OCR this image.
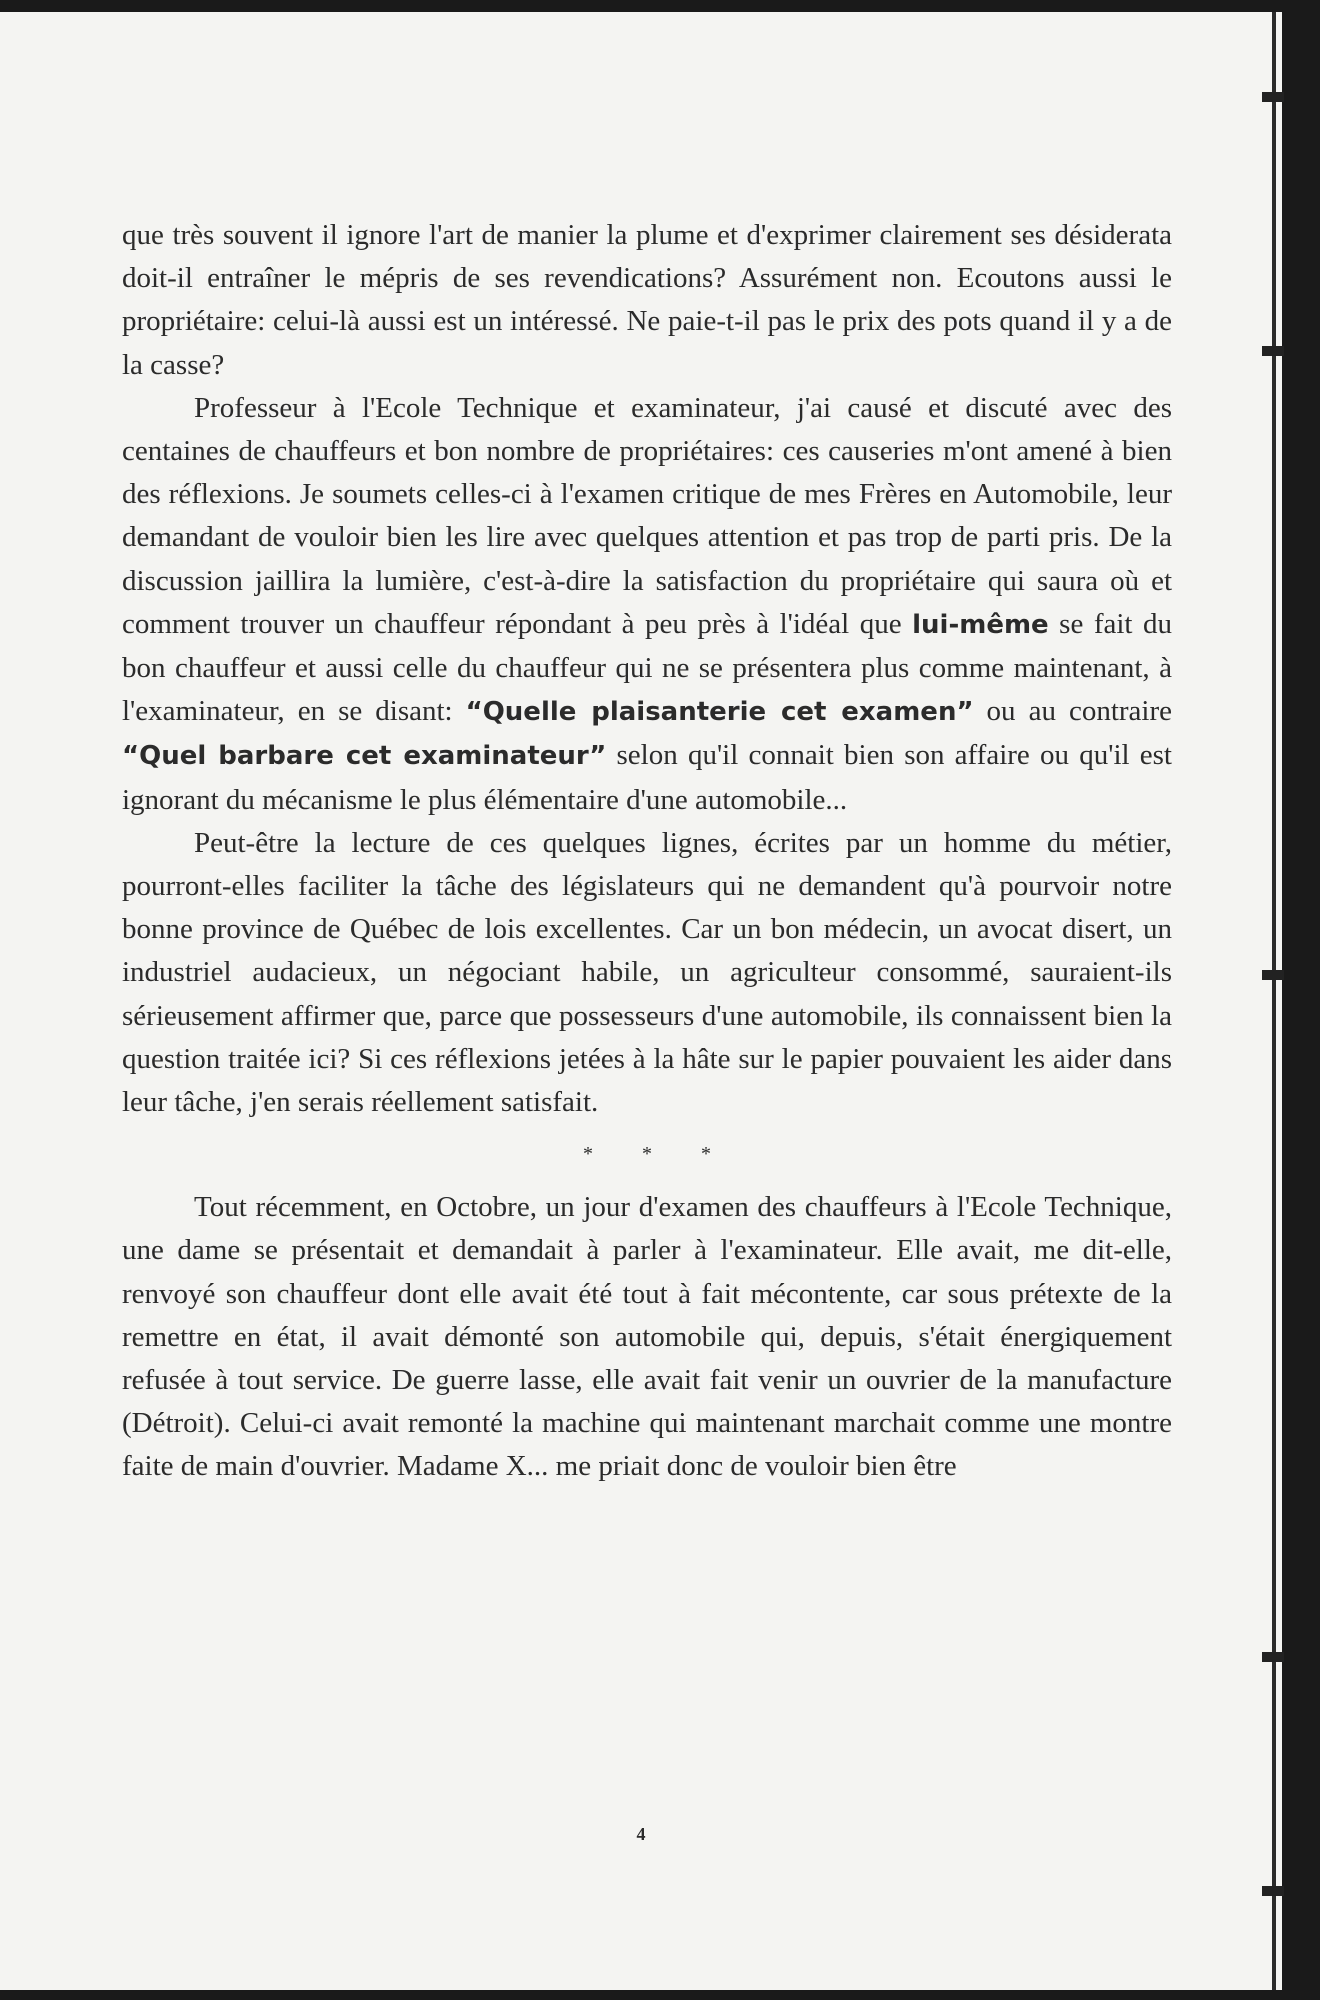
que très souvent il ignore l'art de manier la plume et d'exprimer clairement ses désiderata doit-il entraîner le mépris de ses revendications? Assurément non. Ecoutons aussi le propriétaire: celui-là aussi est un intéressé. Ne paie-t-il pas le prix des pots quand il y a de la casse?

Professeur à l'Ecole Technique et examinateur, j'ai causé et discuté avec des centaines de chauffeurs et bon nombre de propriétaires: ces causeries m'ont amené à bien des réflexions. Je soumets celles-ci à l'examen critique de mes Frères en Automobile, leur demandant de vouloir bien les lire avec quelques attention et pas trop de parti pris. De la discussion jaillira la lumière, c'est-à-dire la satisfaction du propriétaire qui saura où et comment trouver un chauffeur répondant à peu près à l'idéal que lui-même se fait du bon chauffeur et aussi celle du chauffeur qui ne se présentera plus comme maintenant, à l'examinateur, en se disant: “Quelle plaisanterie cet examen” ou au contraire “Quel barbare cet examinateur” selon qu'il connait bien son affaire ou qu'il est ignorant du mécanisme le plus élémentaire d'une automobile...

Peut-être la lecture de ces quelques lignes, écrites par un homme du métier, pourront-elles faciliter la tâche des législateurs qui ne demandent qu'à pourvoir notre bonne province de Québec de lois excellentes. Car un bon médecin, un avocat disert, un industriel audacieux, un négociant habile, un agriculteur consommé, sauraient-ils sérieusement affirmer que, parce que possesseurs d'une automobile, ils connaissent bien la question traitée ici? Si ces réflexions jetées à la hâte sur le papier pouvaient les aider dans leur tâche, j'en serais réellement satisfait.

* * *

Tout récemment, en Octobre, un jour d'examen des chauffeurs à l'Ecole Technique, une dame se présentait et demandait à parler à l'examinateur. Elle avait, me dit-elle, renvoyé son chauffeur dont elle avait été tout à fait mécontente, car sous prétexte de la remettre en état, il avait démonté son automobile qui, depuis, s'était énergiquement refusée à tout service. De guerre lasse, elle avait fait venir un ouvrier de la manufacture (Détroit). Celui-ci avait remonté la machine qui maintenant marchait comme une montre faite de main d'ouvrier. Madame X... me priait donc de vouloir bien être

4
